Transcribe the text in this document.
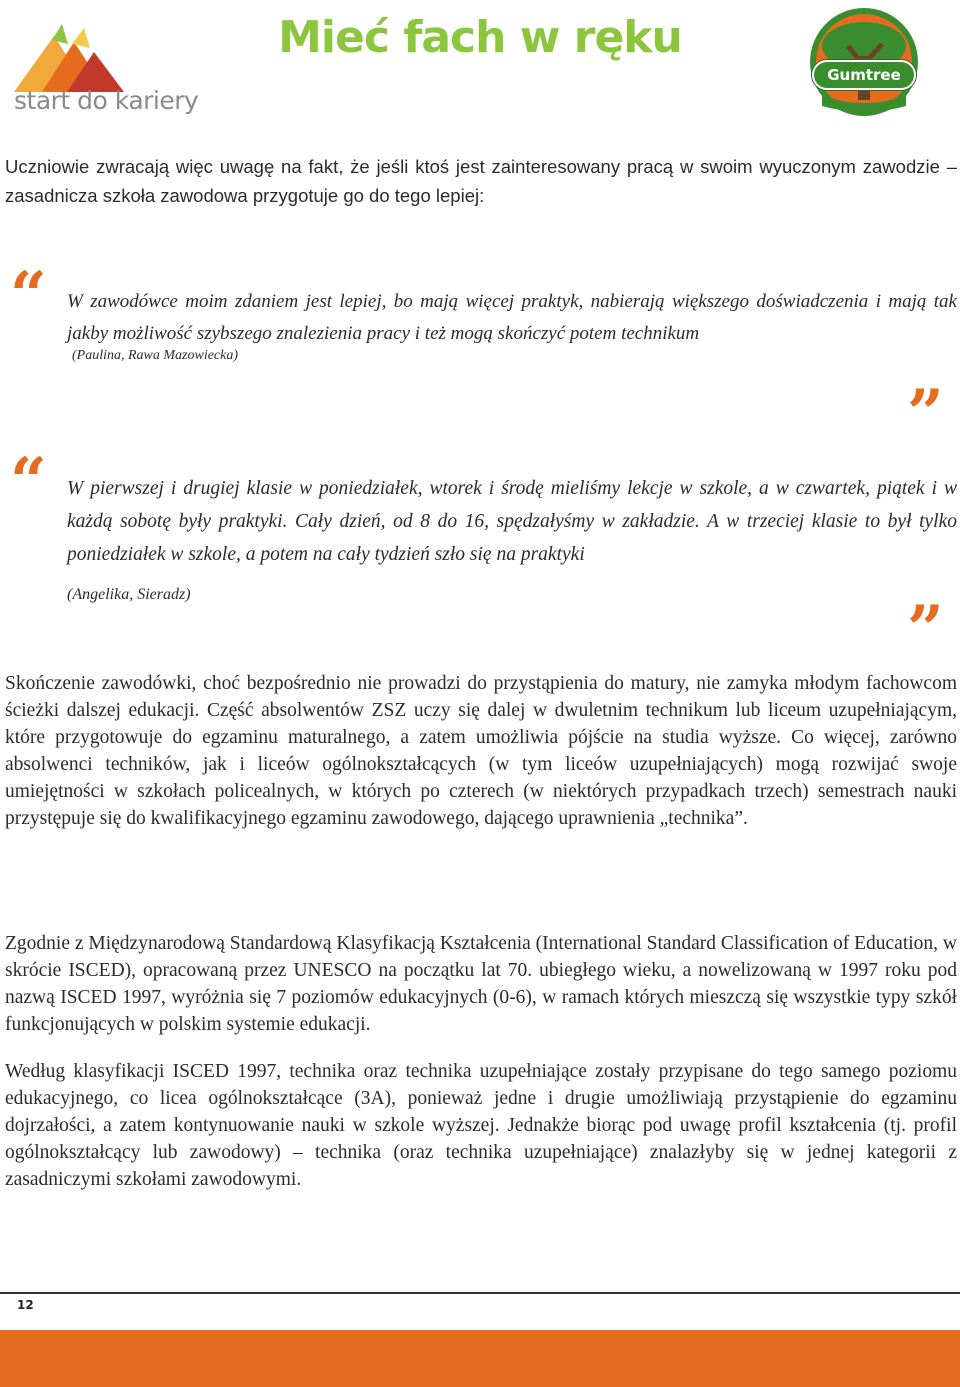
start do kariery
Mieć fach w ręku
Gumtree
Uczniowie zwracają więc uwagę na fakt, że jeśli ktoś jest zainteresowany pracą w swoim wyuczonym zawodzie – zasadnicza szkoła zawodowa przygotuje go do tego lepiej:
“ W zawodówce moim zdaniem jest lepiej, bo mają więcej praktyk, nabierają większego doświadczenia i mają tak jakby możliwość szybszego znalezienia pracy i też mogą skończyć potem technikum
(Paulina, Rawa Mazowiecka)
”
“ W pierwszej i drugiej klasie w poniedziałek, wtorek i środę mieliśmy lekcje w szkole, a w czwartek, piątek i w każdą sobotę były praktyki. Cały dzień, od 8 do 16, spędzałyśmy w zakładzie. A w trzeciej klasie to był tylko poniedziałek w szkole, a potem na cały tydzień szło się na praktyki
(Angelika, Sieradz)	”
Skończenie zawodówki, choć bezpośrednio nie prowadzi do przystąpienia do matury, nie zamyka młodym fachowcom ścieżki dalszej edukacji. Część absolwentów ZSZ uczy się dalej w dwuletnim technikum lub liceum uzupełniającym, które przygotowuje do egzaminu maturalnego, a zatem umożliwia pójście na studia wyższe. Co więcej, zarówno absolwenci techników, jak i liceów ogólnokształcących (w tym liceów uzupełniających) mogą rozwijać swoje umiejętności w szkołach policealnych, w których po czterech (w niektórych przypadkach trzech) semestrach nauki przystępuje się do kwalifikacyjnego egzaminu zawodowego, dającego uprawnienia „technika”.
Zgodnie z Międzynarodową Standardową Klasyfikacją Kształcenia (International Standard Classification of Education, w skrócie ISCED), opracowaną przez UNESCO na początku lat 70. ubiegłego wieku, a nowelizowaną w 1997 roku pod nazwą ISCED 1997, wyróżnia się 7 poziomów edukacyjnych (0-6), w ramach których mieszczą się wszystkie typy szkół funkcjonujących w polskim systemie edukacji.
Według klasyfikacji ISCED 1997, technika oraz technika uzupełniające zostały przypisane do tego samego poziomu edukacyjnego, co licea ogólnokształcące (3A), ponieważ jedne i drugie umożliwiają przystąpienie do egzaminu dojrzałości, a zatem kontynuowanie nauki w szkole wyższej. Jednakże biorąc pod uwagę profil kształcenia (tj. profil ogólnokształcący lub zawodowy) – technika (oraz technika uzupełniające) znalazłyby się w jednej kategorii z zasadniczymi szkołami zawodowymi.
12
